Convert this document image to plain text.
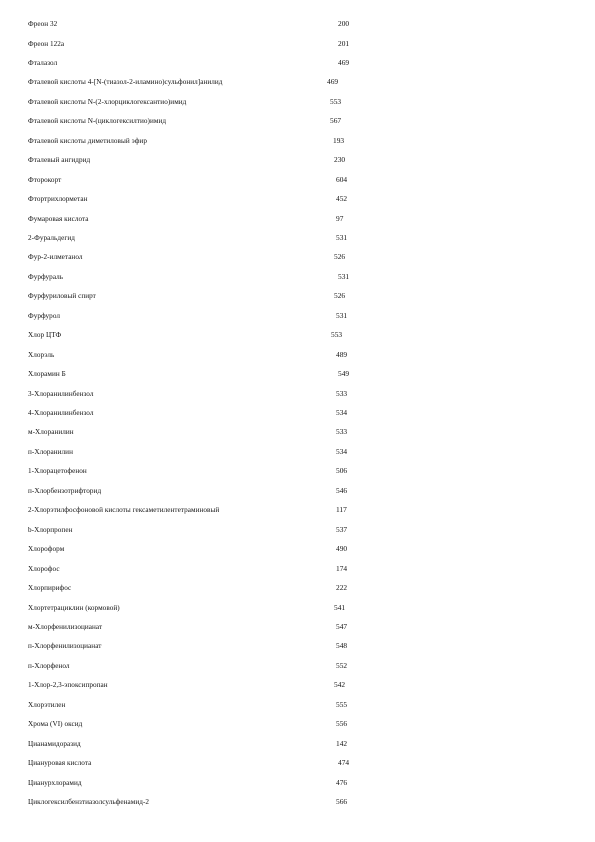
Фреон 32	200
Фреон 122а	201
Фталазол	469
Фталевой кислоты 4-[N-(тиазол-2-иламино)сульфонил]анилид	469
Фталевой кислоты N-(2-хлорциклогексантио)имид	553
Фталевой кислоты N-(циклогексилтио)имид	567
Фталевой кислоты диметиловый эфир	193
Фталевый ангидрид	230
Фторокорт	604
Фтортрихлорметан	452
Фумаровая кислота	97
2-Фуральдегид	531
Фур-2-илметанол	526
Фурфураль	531
Фурфуриловый спирт	526
Фурфурол	531
Хлор ЦТФ	553
Хлорэль	489
Хлорамин Б	549
3-Хлоранилинбензол	533
4-Хлоранилинбензол	534
м-Хлоранилин	533
п-Хлоранилин	534
1-Хлорацетофенон	506
п-Хлорбензотрифторид	546
2-Хлорэтилфосфоновой кислоты гексаметилентетраминовый	117
b-Хлорпропен	537
Хлороформ	490
Хлорофос	174
Хлорпирифос	222
Хлортетрациклин (кормовой)	541
м-Хлорфенилизоцианат	547
п-Хлорфенилизоцианат	548
п-Хлорфенол	552
1-Хлор-2,3-эпоксипропан	542
Хлорэтилен	555
Хрома (VI) оксид	556
Цианамидоразид	142
Циануровая кислота	474
Цианурхлорамид	476
Циклогексилбензтиазолсульфенамид-2	566
